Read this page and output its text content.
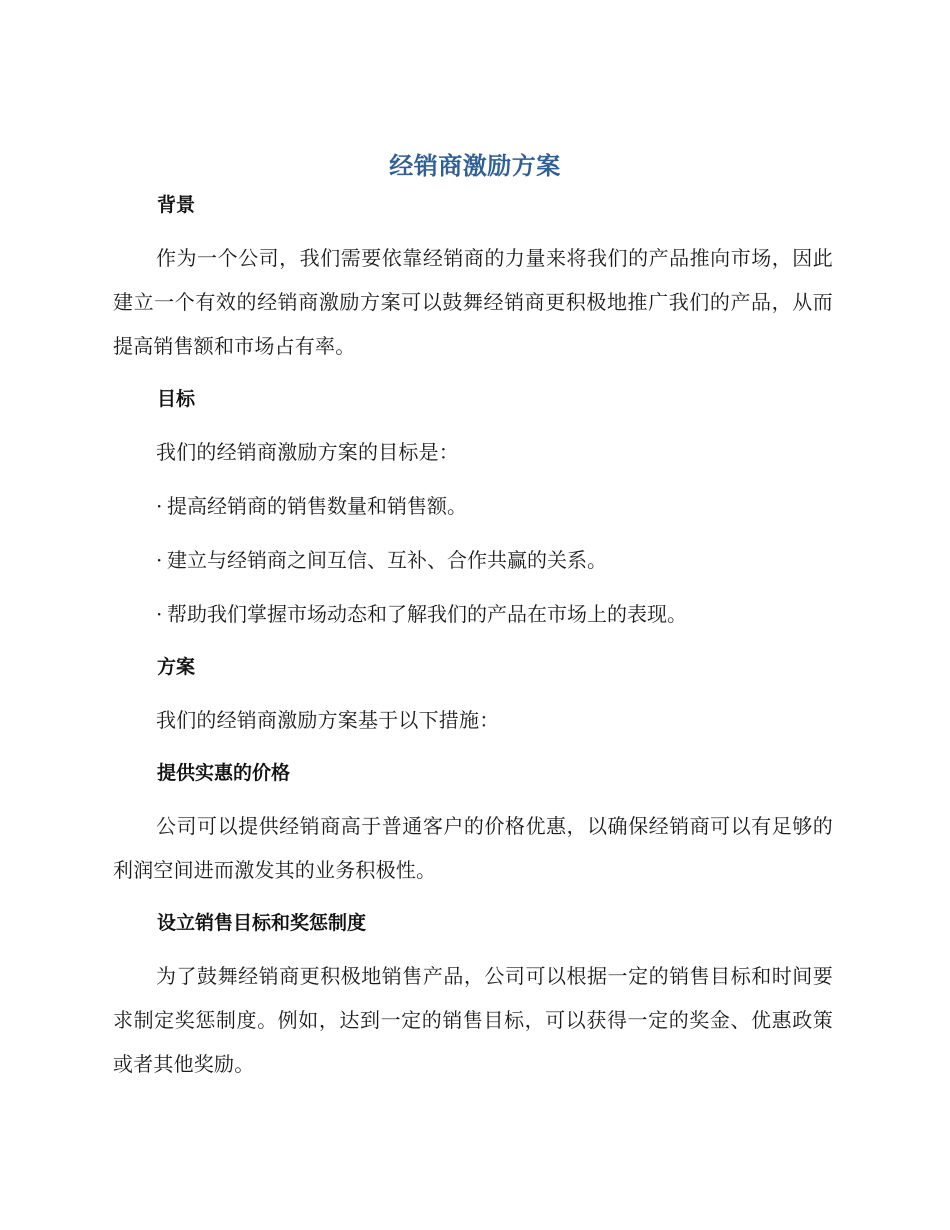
经销商激励方案

背景

作为一个公司，我们需要依靠经销商的力量来将我们的产品推向市场，因此建立一个有效的经销商激励方案可以鼓舞经销商更积极地推广我们的产品，从而提高销售额和市场占有率。

目标

我们的经销商激励方案的目标是：

· 提高经销商的销售数量和销售额。

· 建立与经销商之间互信、互补、合作共赢的关系。

· 帮助我们掌握市场动态和了解我们的产品在市场上的表现。

方案

我们的经销商激励方案基于以下措施：

提供实惠的价格

公司可以提供经销商高于普通客户的价格优惠，以确保经销商可以有足够的利润空间进而激发其的业务积极性。

设立销售目标和奖惩制度

为了鼓舞经销商更积极地销售产品，公司可以根据一定的销售目标和时间要求制定奖惩制度。例如，达到一定的销售目标，可以获得一定的奖金、优惠政策或者其他奖励。
